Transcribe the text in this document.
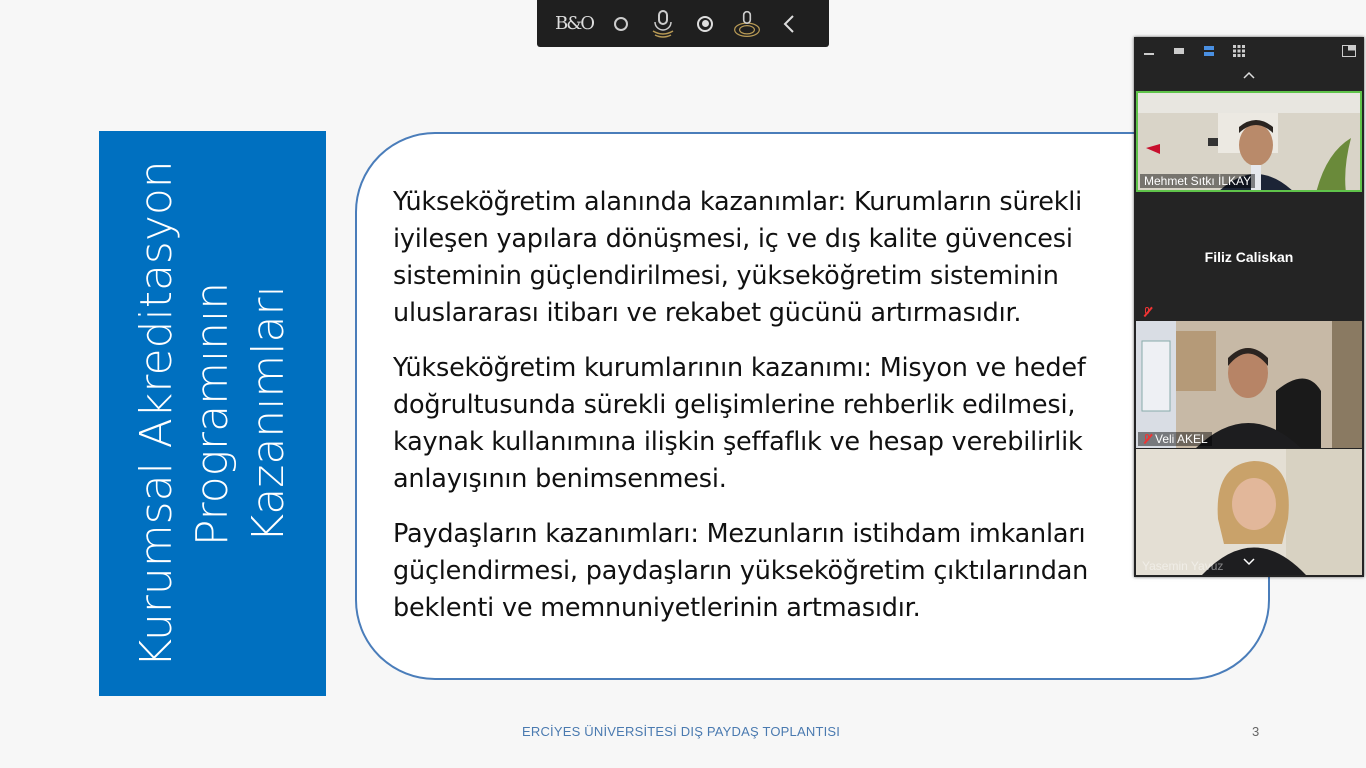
B&O
Kurumsal Akreditasyon Programının Kazanımları
Yükseköğretim alanında kazanımlar: Kurumların sürekli iyileşen yapılara dönüşmesi, iç ve dış kalite güvencesi sisteminin güçlendirilmesi, yükseköğretim sisteminin uluslararası itibarı ve rekabet gücünü artırmasıdır.
Yükseköğretim kurumlarının kazanımı: Misyon ve hedef doğrultusunda sürekli gelişimlerine rehberlik edilmesi, kaynak kullanımına ilişkin şeffaflık ve hesap verebilirlik anlayışının benimsenmesi.
Paydaşların kazanımları: Mezunların istihdam imkanları güçlendirmesi, paydaşların yükseköğretim çıktılarından beklenti ve memnuniyetlerinin artmasıdır.
ERCİYES ÜNİVERSİTESİ DIŞ PAYDAŞ TOPLANTISI	3
Mehmet Sıtkı İLKAY
Filiz Caliskan
Veli AKEL
Yasemin Yavuz
